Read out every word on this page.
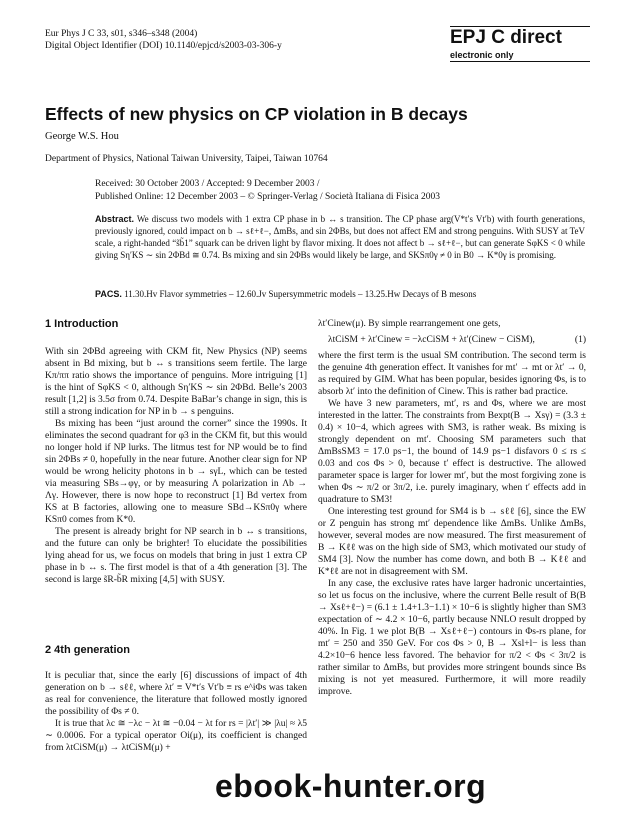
Eur Phys J C 33, s01, s346–s348 (2004)
Digital Object Identifier (DOI) 10.1140/epjcd/s2003-03-306-y	EPJ C direct
electronic only
Effects of new physics on CP violation in B decays
George W.S. Hou
Department of Physics, National Taiwan University, Taipei, Taiwan 10764
Received: 30 October 2003 / Accepted: 9 December 2003 /
Published Online: 12 December 2003 – © Springer-Verlag / Società Italiana di Fisica 2003
Abstract. We discuss two models with 1 extra CP phase in b ↔ s transition. The CP phase arg(V*t′s Vt′b) with fourth generations, previously ignored, could impact on b → sℓ+ℓ−, ΔmBs, and sin 2ΦBs, but does not affect EM and strong penguins. With SUSY at TeV scale, a right-handed “s̃b̃1” squark can be driven light by flavor mixing. It does not affect b → sℓ+ℓ−, but can generate SφKS < 0 while giving Sη′KS ∼ sin 2ΦBd ≅ 0.74. Bs mixing and sin 2ΦBs would likely be large, and SKSπ0γ ≠ 0 in B0 → K*0γ is promising.
PACS. 11.30.Hv Flavor symmetries – 12.60.Jv Supersymmetric models – 13.25.Hw Decays of B mesons
1 Introduction

With sin 2ΦBd agreeing with CKM fit, New Physics (NP) seems absent in Bd mixing, but b ↔ s transitions seem fertile. The large Kπ/ππ ratio shows the importance of penguins. More intriguing [1] is the hint of SφKS < 0, although Sη′KS ∼ sin 2ΦBd. Belle’s 2003 result [1,2] is 3.5σ from 0.74. Despite BaBar’s change in sign, this is still a strong indication for NP in b → s penguins.

Bs mixing has been “just around the corner” since the 1990s. It eliminates the second quadrant for φ3 in the CKM fit, but this would no longer hold if NP lurks. The litmus test for NP would be to find sin 2ΦBs ≠ 0, hopefully in the near future. Another clear sign for NP would be wrong helicity photons in b → sγL, which can be tested via measuring SBs→φγ, or by measuring Λ polarization in Λb → Λγ. However, there is now hope to reconstruct [1] Bd vertex from KS at B factories, allowing one to measure SBd→KSπ0γ where KSπ0 comes from K*0.

The present is already bright for NP search in b ↔ s transitions, and the future can only be brighter! To elucidate the possibilities lying ahead for us, we focus on models that bring in just 1 extra CP phase in b ↔ s. The first model is that of a 4th generation [3]. The second is large s̃R-b̃R mixing [4,5] with SUSY.

2 4th generation

It is peculiar that, since the early [6] discussions of impact of 4th generation on b → sℓℓ, where λt′ ≡ V*t′s Vt′b ≡ rs e^iΦs was taken as real for convenience, the literature that followed mostly ignored the possibility of Φs ≠ 0.

It is true that λc ≅ −λc − λt ≅ −0.04 − λt for rs = |λt′| ≫ |λu| ≈ λ5 ∼ 0.0006. For a typical operator Oi(μ), its coefficient is changed from λtCiSM(μ) → λtCiSM(μ) +

λt′Cinew(μ). By simple rearrangement one gets,

λtCiSM + λt′Cinew = −λcCiSM + λt′(Cinew − CiSM),	(1)

where the first term is the usual SM contribution. The second term is the genuine 4th generation effect. It vanishes for mt′ → mt or λt′ → 0, as required by GIM. What has been popular, besides ignoring Φs, is to absorb λt′ into the definition of Cinew. This is rather bad practice.

We have 3 new parameters, mt′, rs and Φs, where we are most interested in the latter. The constraints from Bexpt(B → Xsγ) = (3.3 ± 0.4) × 10−4, which agrees with SM3, is rather weak. Bs mixing is strongly dependent on mt′. Choosing SM parameters such that ΔmBsSM3 = 17.0 ps−1, the bound of 14.9 ps−1 disfavors 0 ≤ rs ≤ 0.03 and cos Φs > 0, because t′ effect is destructive. The allowed parameter space is larger for lower mt′, but the most forgiving zone is when Φs ∼ π/2 or 3π/2, i.e. purely imaginary, when t′ effects add in quadrature to SM3!

One interesting test ground for SM4 is b → sℓℓ [6], since the EW or Z penguin has strong mt′ dependence like ΔmBs. Unlike ΔmBs, however, several modes are now measured. The first measurement of B → Kℓℓ was on the high side of SM3, which motivated our study of SM4 [3]. Now the number has come down, and both B → Kℓℓ and K*ℓℓ are not in disagreement with SM.

In any case, the exclusive rates have larger hadronic uncertainties, so let us focus on the inclusive, where the current Belle result of B(B → Xsℓ+ℓ−) = (6.1 ± 1.4+1.3−1.1) × 10−6 is slightly higher than SM3 expectation of ∼ 4.2 × 10−6, partly because NNLO result dropped by 40%. In Fig. 1 we plot B(B → Xsℓ+ℓ−) contours in Φs-rs plane, for mt′ = 250 and 350 GeV. For cos Φs > 0, B → Xsl+l− is less than 4.2×10−6 hence less favored. The behavior for π/2 < Φs < 3π/2 is rather similar to ΔmBs, but provides more stringent bounds since Bs mixing is not yet measured. Furthermore, it will more readily improve.

ebook-hunter.org
